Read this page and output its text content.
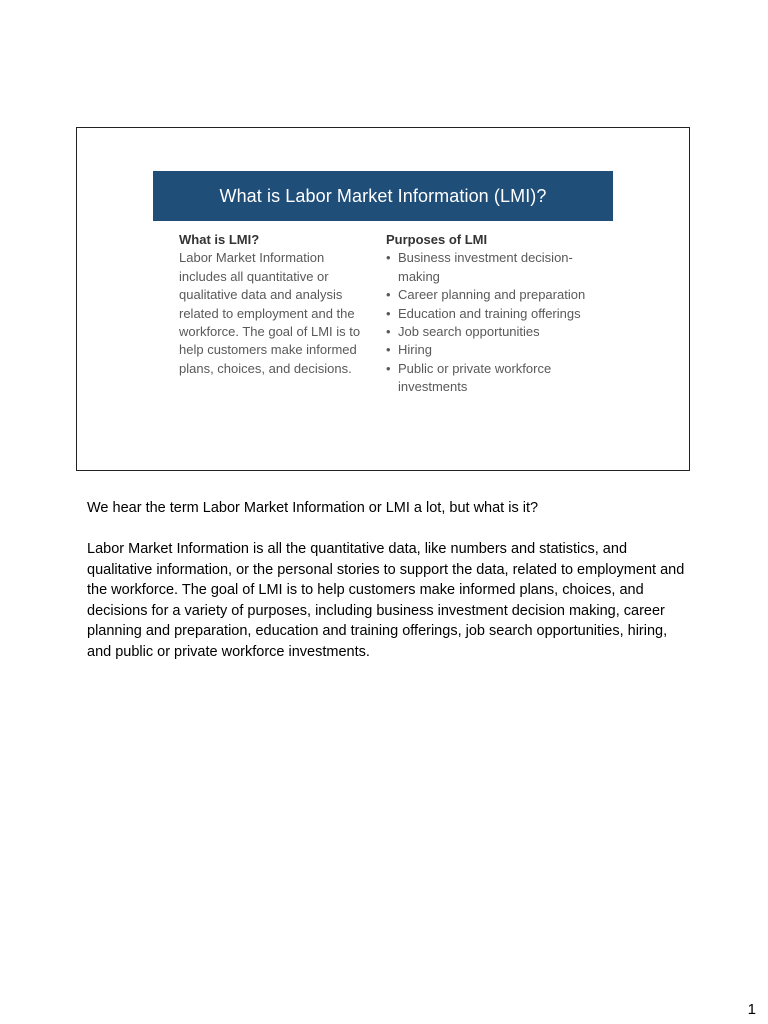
What is Labor Market Information (LMI)?
What is LMI?
Labor Market Information includes all quantitative or qualitative data and analysis related to employment and the workforce. The goal of LMI is to help customers make informed plans, choices, and decisions.
Purposes of LMI
• Business investment decision-making
• Career planning and preparation
• Education and training offerings
• Job search opportunities
• Hiring
• Public or private workforce investments

We hear the term Labor Market Information or LMI a lot, but what is it?

Labor Market Information is all the quantitative data, like numbers and statistics, and qualitative information, or the personal stories to support the data, related to employment and the workforce. The goal of LMI is to help customers make informed plans, choices, and decisions for a variety of purposes, including business investment decision making, career planning and preparation, education and training offerings, job search opportunities, hiring, and public or private workforce investments.

1
